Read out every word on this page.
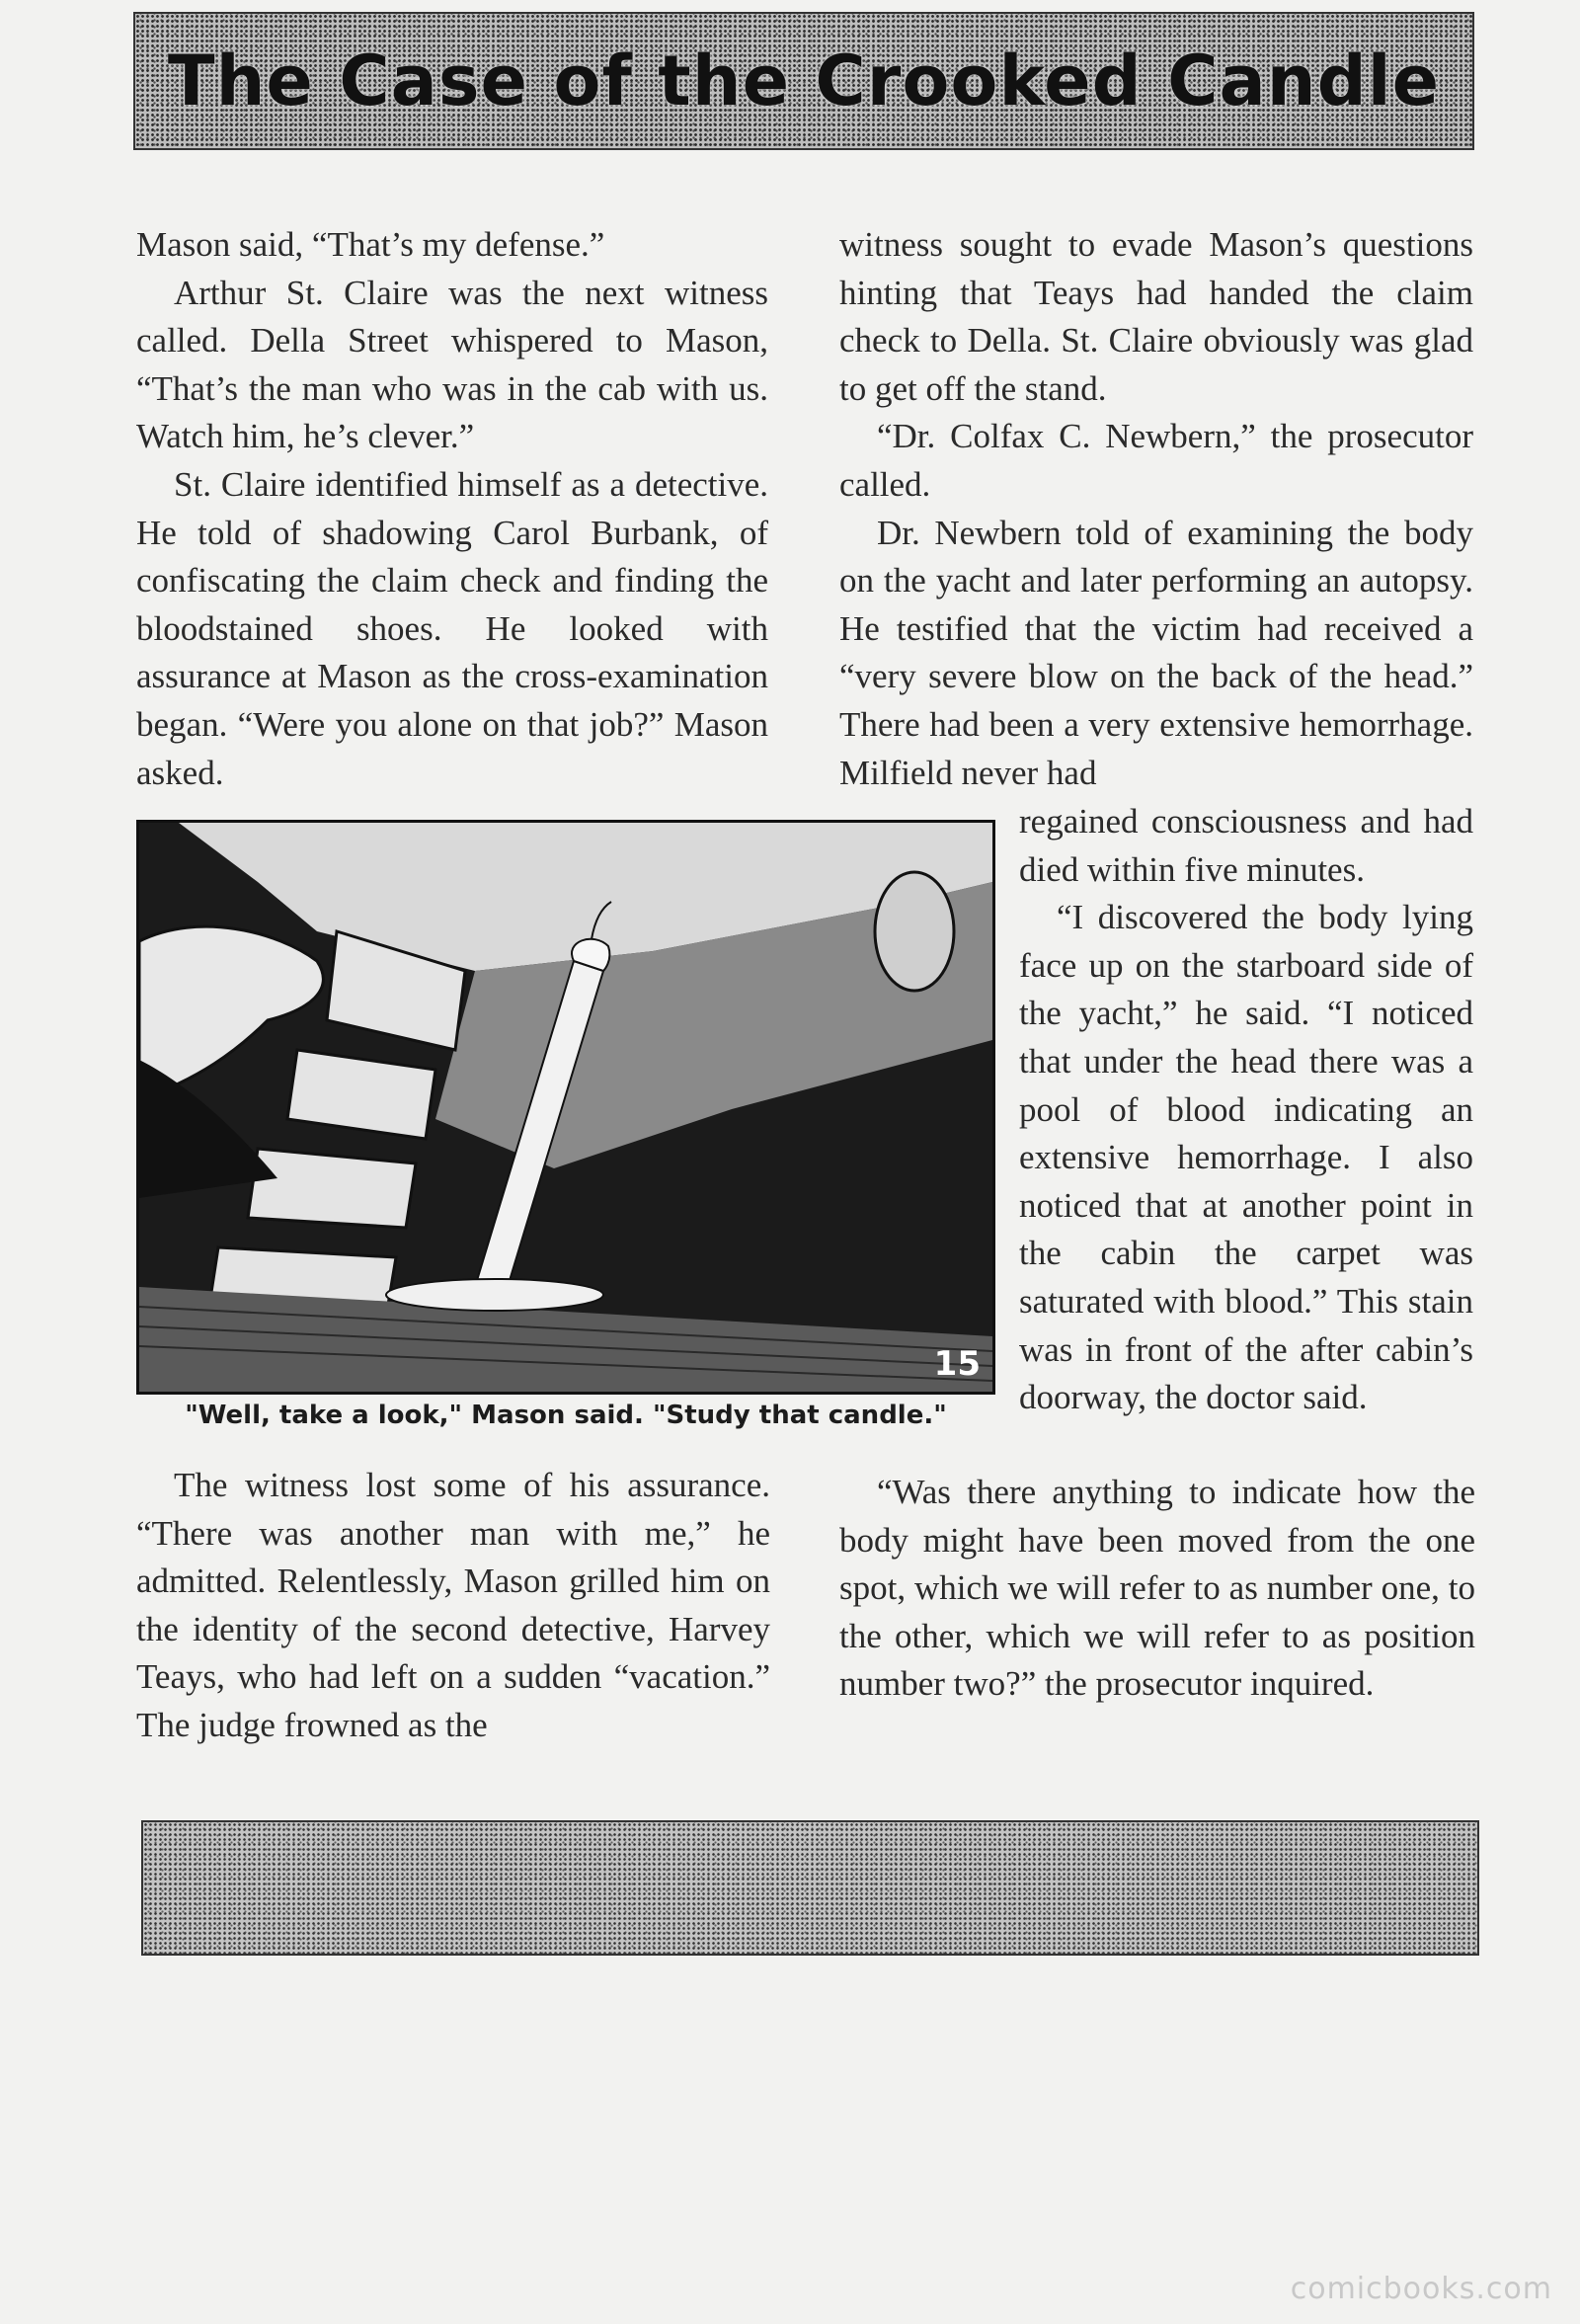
The Case of the Crooked Candle

Mason said, “That’s my defense.”

Arthur St. Claire was the next witness called. Della Street whispered to Mason, “That’s the man who was in the cab with us. Watch him, he’s clever.”

St. Claire identified himself as a detective. He told of shadowing Carol Burbank, of confiscating the claim check and finding the bloodstained shoes. He looked with assurance at Mason as the cross-examination began. “Were you alone on that job?” Mason asked.

witness sought to evade Mason’s questions hinting that Teays had handed the claim check to Della. St. Claire obviously was glad to get off the stand.

“Dr. Colfax C. Newbern,” the prosecutor called.

Dr. Newbern told of examining the body on the yacht and later performing an autopsy. He testified that the victim had received a “very severe blow on the back of the head.” There had been a very extensive hemorrhage. Milfield never had

regained consciousness and had died within five minutes.

“I discovered the body lying face up on the starboard side of the yacht,” he said. “I noticed that under the head there was a pool of blood indicating an extensive hemorrhage. I also noticed that at another point in the cabin the carpet was saturated with blood.” This stain was in front of the after cabin’s doorway, the doctor said.

15
"Well, take a look," Mason said. "Study that candle."

The witness lost some of his assurance. “There was another man with me,” he admitted. Relentlessly, Mason grilled him on the identity of the second detective, Harvey Teays, who had left on a sudden “vacation.” The judge frowned as the

“Was there anything to indicate how the body might have been moved from the one spot, which we will refer to as number one, to the other, which we will refer to as position number two?” the prosecutor inquired.

comicbooks.com
